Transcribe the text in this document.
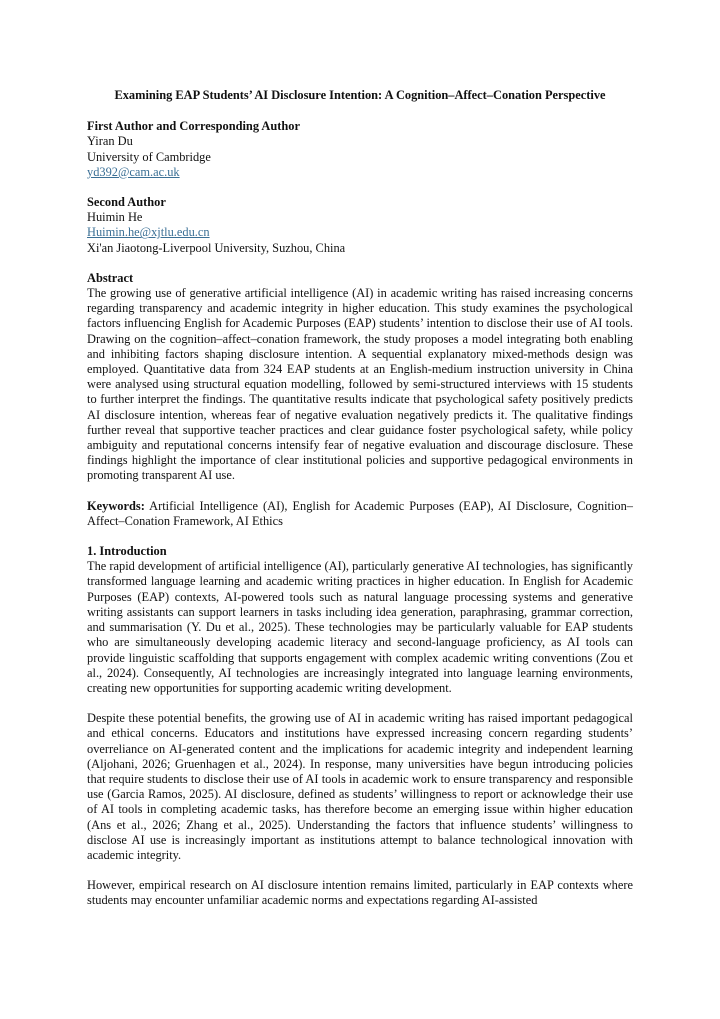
Examining EAP Students’ AI Disclosure Intention: A Cognition–Affect–Conation Perspective
First Author and Corresponding Author
Yiran Du
University of Cambridge
yd392@cam.ac.uk
Second Author
Huimin He
Huimin.he@xjtlu.edu.cn
Xi'an Jiaotong-Liverpool University, Suzhou, China
Abstract
The growing use of generative artificial intelligence (AI) in academic writing has raised increasing concerns regarding transparency and academic integrity in higher education. This study examines the psychological factors influencing English for Academic Purposes (EAP) students’ intention to disclose their use of AI tools. Drawing on the cognition–affect–conation framework, the study proposes a model integrating both enabling and inhibiting factors shaping disclosure intention. A sequential explanatory mixed-methods design was employed. Quantitative data from 324 EAP students at an English-medium instruction university in China were analysed using structural equation modelling, followed by semi-structured interviews with 15 students to further interpret the findings. The quantitative results indicate that psychological safety positively predicts AI disclosure intention, whereas fear of negative evaluation negatively predicts it. The qualitative findings further reveal that supportive teacher practices and clear guidance foster psychological safety, while policy ambiguity and reputational concerns intensify fear of negative evaluation and discourage disclosure. These findings highlight the importance of clear institutional policies and supportive pedagogical environments in promoting transparent AI use.
Keywords: Artificial Intelligence (AI), English for Academic Purposes (EAP), AI Disclosure, Cognition–Affect–Conation Framework, AI Ethics
1. Introduction
The rapid development of artificial intelligence (AI), particularly generative AI technologies, has significantly transformed language learning and academic writing practices in higher education. In English for Academic Purposes (EAP) contexts, AI-powered tools such as natural language processing systems and generative writing assistants can support learners in tasks including idea generation, paraphrasing, grammar correction, and summarisation (Y. Du et al., 2025). These technologies may be particularly valuable for EAP students who are simultaneously developing academic literacy and second-language proficiency, as AI tools can provide linguistic scaffolding that supports engagement with complex academic writing conventions (Zou et al., 2024). Consequently, AI technologies are increasingly integrated into language learning environments, creating new opportunities for supporting academic writing development.
Despite these potential benefits, the growing use of AI in academic writing has raised important pedagogical and ethical concerns. Educators and institutions have expressed increasing concern regarding students’ overreliance on AI-generated content and the implications for academic integrity and independent learning (Aljohani, 2026; Gruenhagen et al., 2024). In response, many universities have begun introducing policies that require students to disclose their use of AI tools in academic work to ensure transparency and responsible use (Garcia Ramos, 2025). AI disclosure, defined as students’ willingness to report or acknowledge their use of AI tools in completing academic tasks, has therefore become an emerging issue within higher education (Ans et al., 2026; Zhang et al., 2025). Understanding the factors that influence students’ willingness to disclose AI use is increasingly important as institutions attempt to balance technological innovation with academic integrity.
However, empirical research on AI disclosure intention remains limited, particularly in EAP contexts where students may encounter unfamiliar academic norms and expectations regarding AI-assisted
